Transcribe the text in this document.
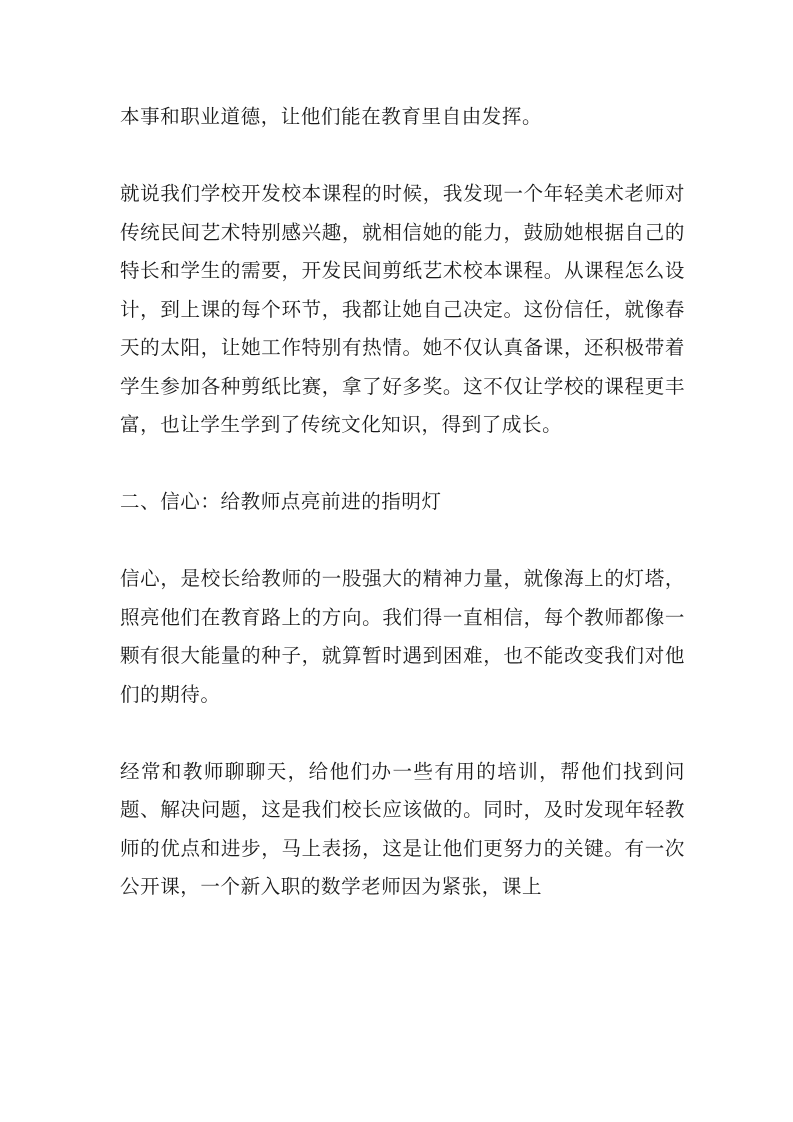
本事和职业道德，让他们能在教育里自由发挥。

就说我们学校开发校本课程的时候，我发现一个年轻美术老师对传统民间艺术特别感兴趣，就相信她的能力，鼓励她根据自己的特长和学生的需要，开发民间剪纸艺术校本课程。从课程怎么设计，到上课的每个环节，我都让她自己决定。这份信任，就像春天的太阳，让她工作特别有热情。她不仅认真备课，还积极带着学生参加各种剪纸比赛，拿了好多奖。这不仅让学校的课程更丰富，也让学生学到了传统文化知识，得到了成长。

二、信心：给教师点亮前进的指明灯

信心，是校长给教师的一股强大的精神力量，就像海上的灯塔，照亮他们在教育路上的方向。我们得一直相信，每个教师都像一颗有很大能量的种子，就算暂时遇到困难，也不能改变我们对他们的期待。

经常和教师聊聊天，给他们办一些有用的培训，帮他们找到问题、解决问题，这是我们校长应该做的。同时，及时发现年轻教师的优点和进步，马上表扬，这是让他们更努力的关键。有一次公开课，一个新入职的数学老师因为紧张，课上
